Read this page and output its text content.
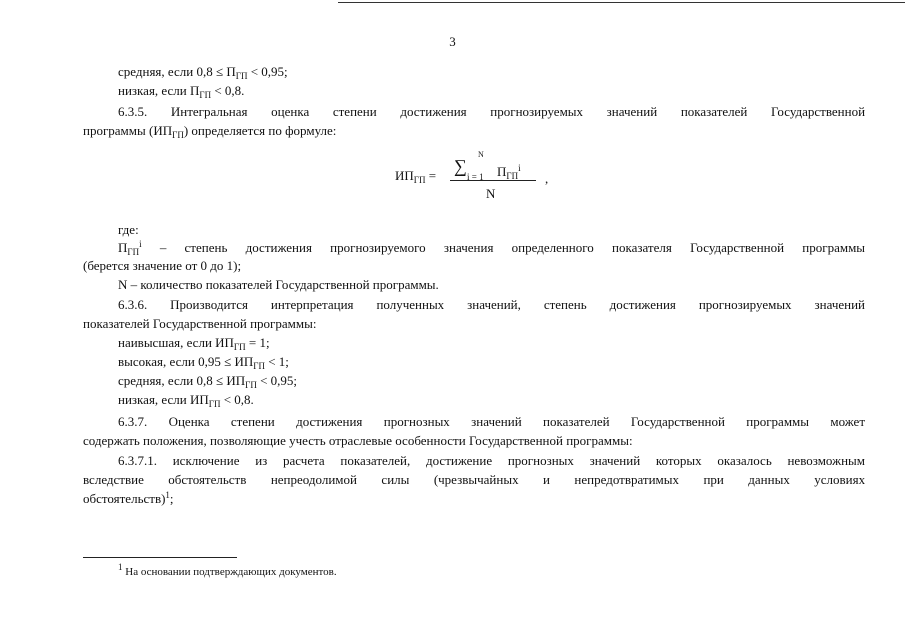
3
средняя, если $0,8 \le П_{ГП} < 0,95$;
низкая, если $П_{ГП} < 0,8$.
6.3.5. Интегральная оценка степени достижения прогнозируемых значений показателей Государственной
программы $(ИП_{ГП})$ определяется по формуле:
$ИП_{ГП}$ =
N
∑
i = 1 $П_{ГП}^i$
,
N
где:
$П_{ГП}^i$ – степень достижения прогнозируемого значения определенного показателя Государственной программы
(берется значение от 0 до 1);
N – количество показателей Государственной программы.
6.3.6. Производится интерпретация полученных значений, степень достижения прогнозируемых значений
показателей Государственной программы:
наивысшая, если $ИП_{ГП} = 1$;
высокая, если $0,95 \le ИП_{ГП} < 1$;
средняя, если $0,8 \le ИП_{ГП} < 0,95$;
низкая, если $ИП_{ГП} < 0,8$.
6.3.7. Оценка степени достижения прогнозных значений показателей Государственной программы может
содержать положения, позволяющие учесть отраслевые особенности Государственной программы:
6.3.7.1. исключение из расчета показателей, достижение прогнозных значений которых оказалось невозможным
вследствие обстоятельств непреодолимой силы (чрезвычайных и непредотвратимых при данных условиях
обстоятельств)$^1$;
$^1$ На основании подтверждающих документов.
